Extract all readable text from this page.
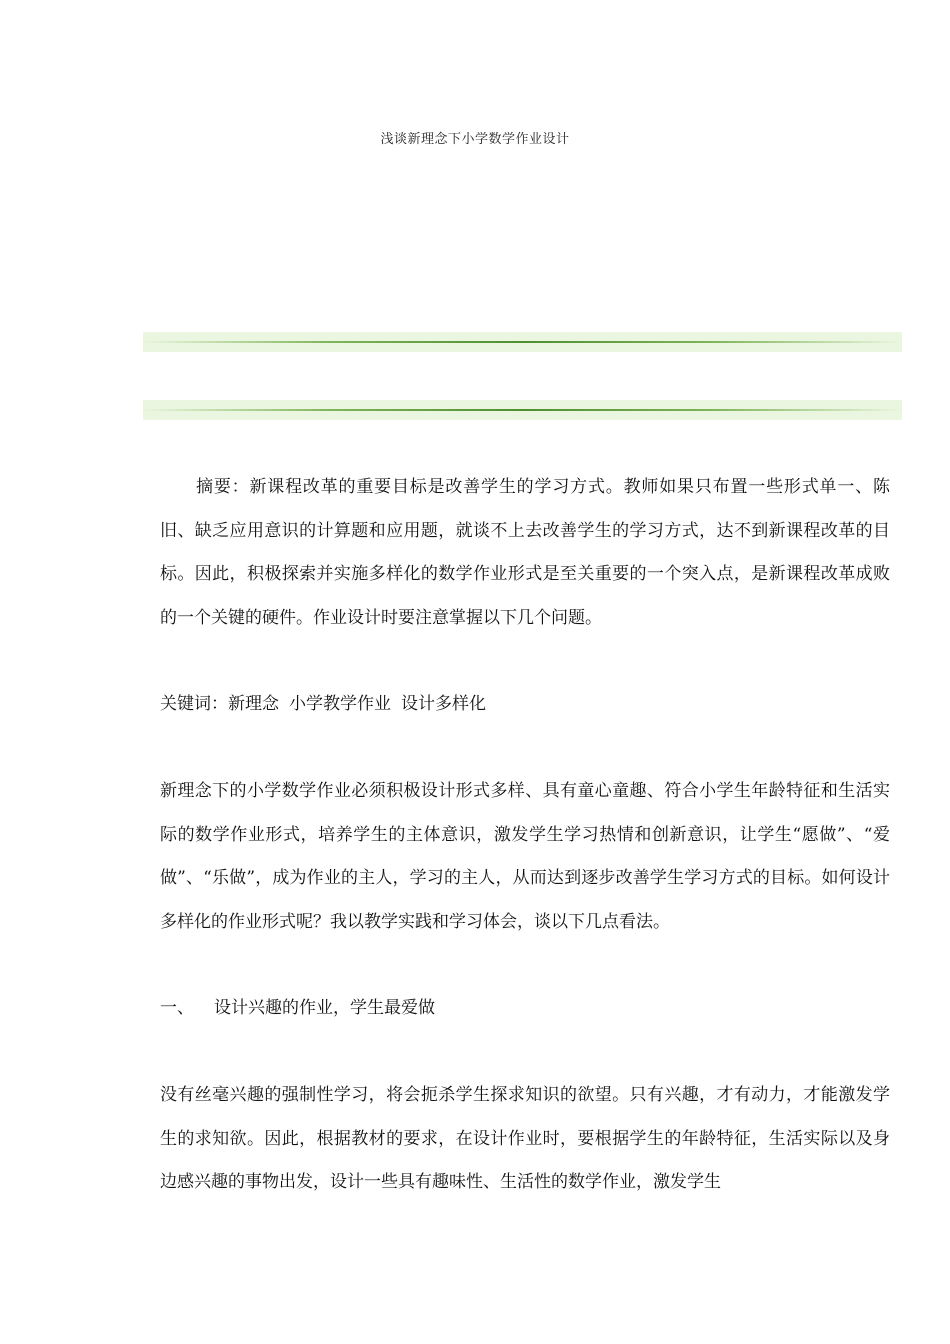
浅谈新理念下小学数学作业设计

摘要：新课程改革的重要目标是改善学生的学习方式。教师如果只布置一些形式单一、陈旧、缺乏应用意识的计算题和应用题，就谈不上去改善学生的学习方式，达不到新课程改革的目标。因此，积极探索并实施多样化的数学作业形式是至关重要的一个突入点，是新课程改革成败的一个关键的硬件。作业设计时要注意掌握以下几个问题。

关键词：新理念 小学教学作业 设计多样化

新理念下的小学数学作业必须积极设计形式多样、具有童心童趣、符合小学生年龄特征和生活实际的数学作业形式，培养学生的主体意识，激发学生学习热情和创新意识，让学生“愿做”、“爱做”、“乐做”，成为作业的主人，学习的主人，从而达到逐步改善学生学习方式的目标。如何设计多样化的作业形式呢？我以教学实践和学习体会，谈以下几点看法。

一、 设计兴趣的作业，学生最爱做

没有丝毫兴趣的强制性学习，将会扼杀学生探求知识的欲望。只有兴趣，才有动力，才能激发学生的求知欲。因此，根据教材的要求，在设计作业时，要根据学生的年龄特征，生活实际以及身边感兴趣的事物出发，设计一些具有趣味性、生活性的数学作业，激发学生
